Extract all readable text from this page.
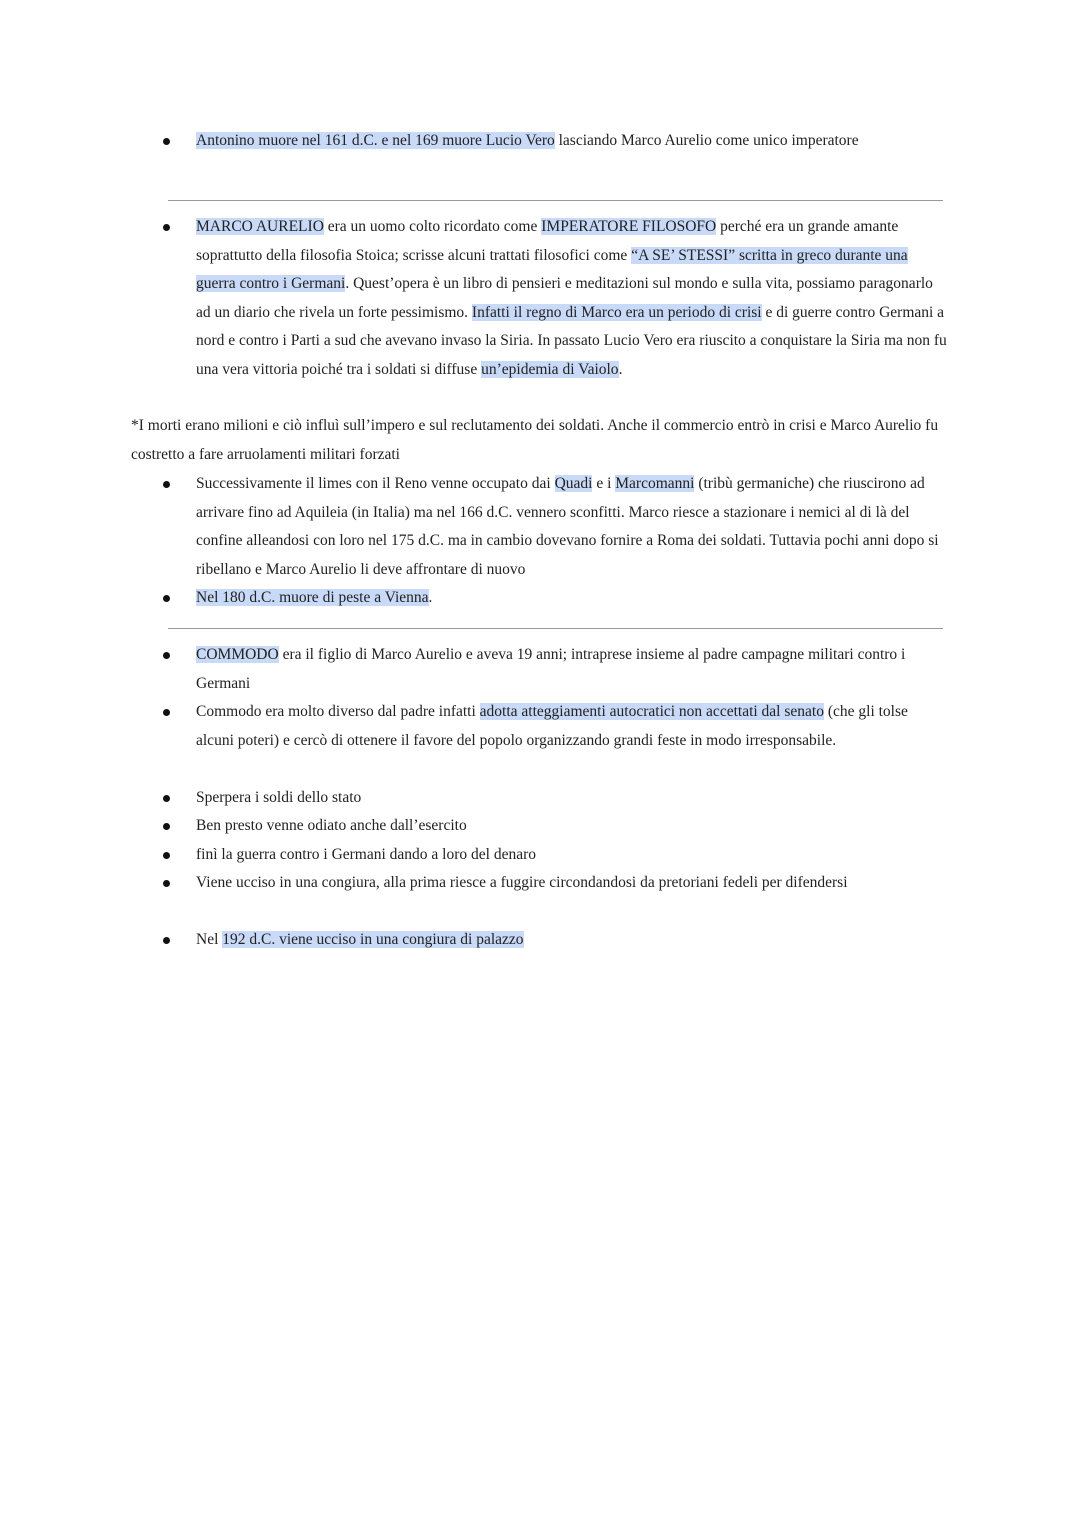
Antonino muore nel 161 d.C. e nel 169 muore Lucio Vero lasciando Marco Aurelio come unico imperatore
MARCO AURELIO era un uomo colto ricordato come IMPERATORE FILOSOFO perché era un grande amante soprattutto della filosofia Stoica; scrisse alcuni trattati filosofici come “A SE’ STESSI” scritta in greco durante una guerra contro i Germani. Quest’opera è un libro di pensieri e meditazioni sul mondo e sulla vita, possiamo paragonarlo ad un diario che rivela un forte pessimismo. Infatti il regno di Marco era un periodo di crisi e di guerre contro Germani a nord e contro i Parti a sud che avevano invaso la Siria. In passato Lucio Vero era riuscito a conquistare la Siria ma non fu una vera vittoria poiché tra i soldati si diffuse un’epidemia di Vaiolo.
*I morti erano milioni e ciò influì sull’impero e sul reclutamento dei soldati. Anche il commercio entrò in crisi e Marco Aurelio fu costretto a fare arruolamenti militari forzati
Successivamente il limes con il Reno venne occupato dai Quadi e i Marcomanni (tribù germaniche) che riuscirono ad arrivare fino ad Aquileia (in Italia) ma nel 166 d.C. vennero sconfitti. Marco riesce a stazionare i nemici al di là del confine alleandosi con loro nel 175 d.C. ma in cambio dovevano fornire a Roma dei soldati. Tuttavia pochi anni dopo si ribellano e Marco Aurelio li deve affrontare di nuovo
Nel 180 d.C. muore di peste a Vienna.
COMMODO era il figlio di Marco Aurelio e aveva 19 anni; intraprese insieme al padre campagne militari contro i Germani
Commodo era molto diverso dal padre infatti adotta atteggiamenti autocratici non accettati dal senato (che gli tolse alcuni poteri) e cercò di ottenere il favore del popolo organizzando grandi feste in modo irresponsabile.
Sperpera i soldi dello stato
Ben presto venne odiato anche dall’esercito
finì la guerra contro i Germani dando a loro del denaro
Viene ucciso in una congiura, alla prima riesce a fuggire circondandosi da pretoriani fedeli per difendersi
Nel 192 d.C. viene ucciso in una congiura di palazzo
